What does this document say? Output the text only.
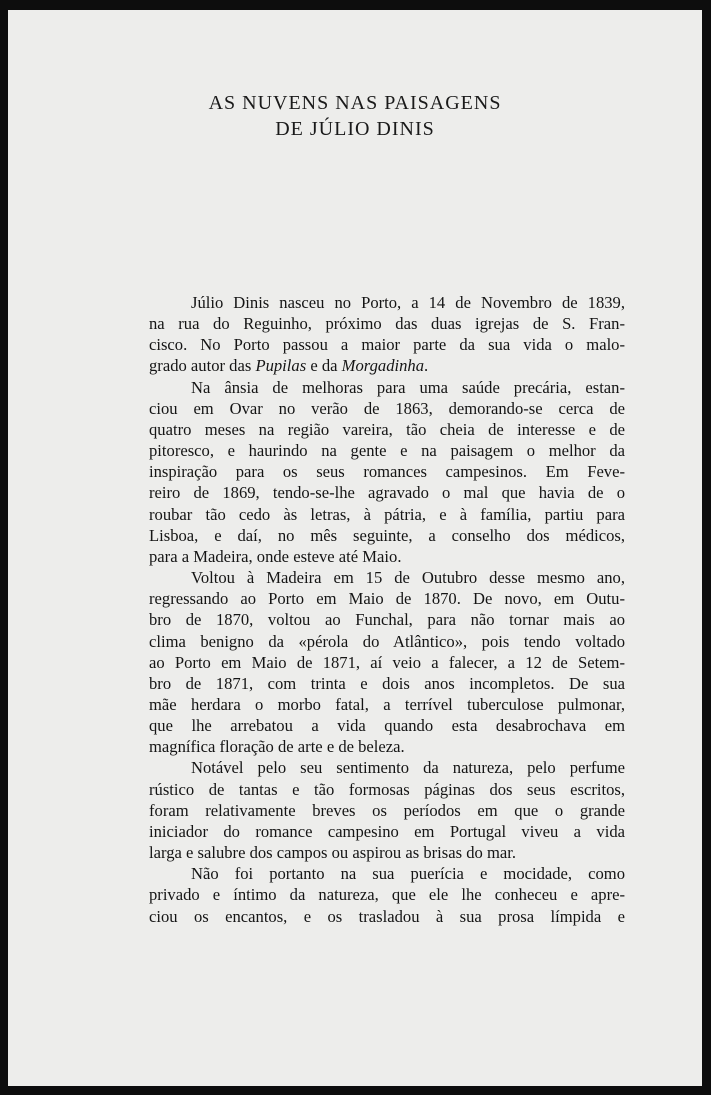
AS NUVENS NAS PAISAGENS
DE JÚLIO DINIS

Júlio Dinis nasceu no Porto, a 14 de Novembro de 1839,
na rua do Reguinho, próximo das duas igrejas de S. Fran-
cisco. No Porto passou a maior parte da sua vida o malo-
grado autor das Pupilas e da Morgadinha.

Na ânsia de melhoras para uma saúde precária, estan-
ciou em Ovar no verão de 1863, demorando-se cerca de
quatro meses na região vareira, tão cheia de interesse e de
pitoresco, e haurindo na gente e na paisagem o melhor da
inspiração para os seus romances campesinos. Em Feve-
reiro de 1869, tendo-se-lhe agravado o mal que havia de o
roubar tão cedo às letras, à pátria, e à família, partiu para
Lisboa, e daí, no mês seguinte, a conselho dos médicos,
para a Madeira, onde esteve até Maio.

Voltou à Madeira em 15 de Outubro desse mesmo ano,
regressando ao Porto em Maio de 1870. De novo, em Outu-
bro de 1870, voltou ao Funchal, para não tornar mais ao
clima benigno da «pérola do Atlântico», pois tendo voltado
ao Porto em Maio de 1871, aí veio a falecer, a 12 de Setem-
bro de 1871, com trinta e dois anos incompletos. De sua
mãe herdara o morbo fatal, a terrível tuberculose pulmonar,
que lhe arrebatou a vida quando esta desabrochava em
magnífica floração de arte e de beleza.

Notável pelo seu sentimento da natureza, pelo perfume
rústico de tantas e tão formosas páginas dos seus escritos,
foram relativamente breves os períodos em que o grande
iniciador do romance campesino em Portugal viveu a vida
larga e salubre dos campos ou aspirou as brisas do mar.

Não foi portanto na sua puerícia e mocidade, como
privado e íntimo da natureza, que ele lhe conheceu e apre-
ciou os encantos, e os trasladou à sua prosa límpida e
